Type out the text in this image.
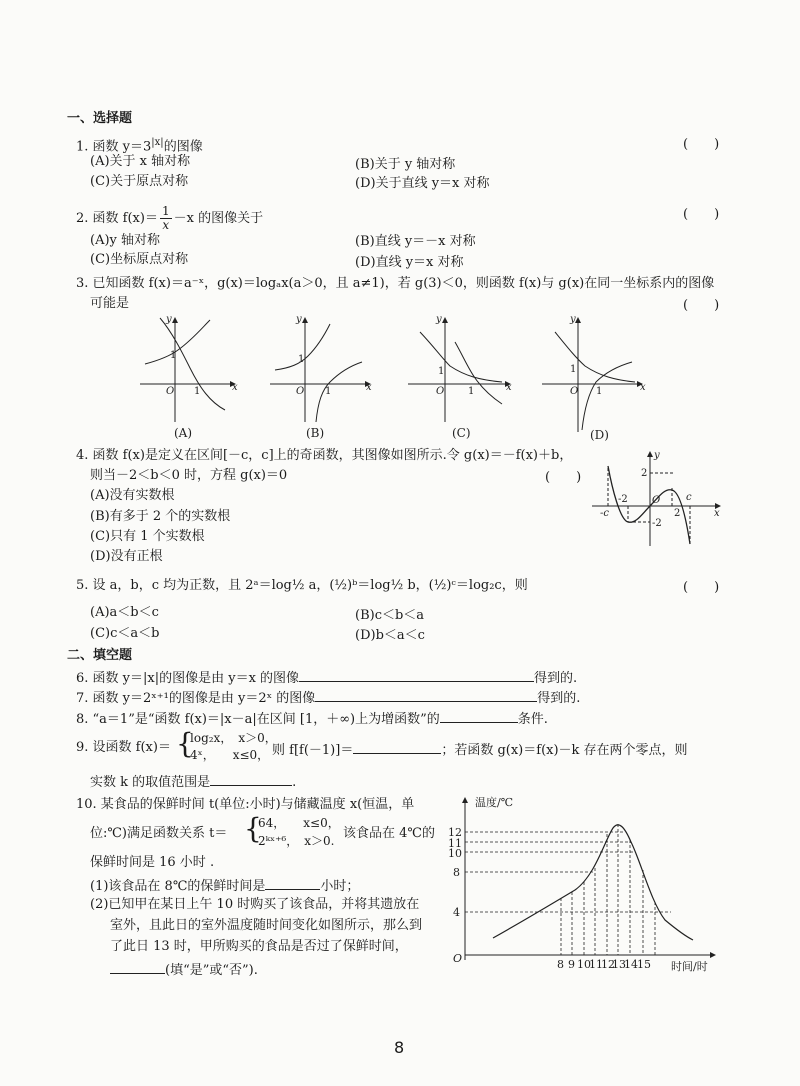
一、选择题
1. 函数 $y=3^{|x|}$的图像	(　　)
(A)关于 x 轴对称	(B)关于 y 轴对称
(C)关于原点对称	(D)关于直线 y＝x 对称
2. 函数 $f(x)= \frac{1}{x} -x$ 的图像关于	(　　)
(A)y 轴对称	(B)直线 y＝－x 对称
(C)坐标原点对称	(D)直线 y＝x 对称
3. 已知函数 f(x)＝a⁻ˣ，g(x)＝logₐx(a＞0，且 a≠1)，若 g(3)＜0，则函数 f(x)与 g(x)在同一坐标系内的图像
可能是	(　　)
y
x
O
1
1
y
x
O
1
1
y
x
O
1
1
y
x
O
1
1
(A)	(B)	(C)	(D)
4. 函数 f(x)是定义在区间[－c，c]上的奇函数，其图像如图所示.令 g(x)＝－f(x)＋b，
则当－2＜b＜0 时，方程 g(x)＝0	(　　)
(A)没有实数根
(B)有多于 2 个的实数根
(C)只有 1 个实数根
(D)没有正根
y
x
O
2
-2
-2
c
-c	2
5. 设 a，b，c 均为正数，且 2ᵃ＝log½ a，(½)ᵇ＝log½ b，(½)ᶜ＝log₂c，则	(　　)
(A)a＜b＜c	(B)c＜b＜a
(C)c＜a＜b	(D)b＜a＜c
二、填空题
6. 函数 y＝|x|的图像是由 y＝x 的图像	得到的.
7. 函数 y＝2ˣ⁺¹的图像是由 y＝2ˣ 的图像	得到的.
8. “a＝1”是“函数 f(x)＝|x－a|在区间 [1，＋∞)上为增函数”的	条件.
9. 设函数 f(x)＝ {
log₂x，　x＞0，
4ˣ，　　x≤0， 则 f[f(－1)]＝	；若函数 g(x)＝f(x)－k 存在两个零点，则
实数 k 的取值范围是	.
10. 某食品的保鲜时间 t(单位:小时)与储藏温度 x(恒温，单
位:℃)满足函数关系 t＝ {
64，　　x≤0，
2ᵏˣ⁺⁶，　x＞0. 该食品在 4℃的
保鲜时间是 16 小时 .
(1)该食品在 8℃的保鲜时间是	小时；
(2)已知甲在某日上午 10 时购买了该食品，并将其遗放在
室外，且此日的室外温度随时间变化如图所示，那么到
了此日 13 时，甲所购买的食品是否过了保鲜时间，
(填“是”或“否”).
温度/℃
时间/时
O
12
11
10
8
4
8 9 10
11
12
13
14 15
8
